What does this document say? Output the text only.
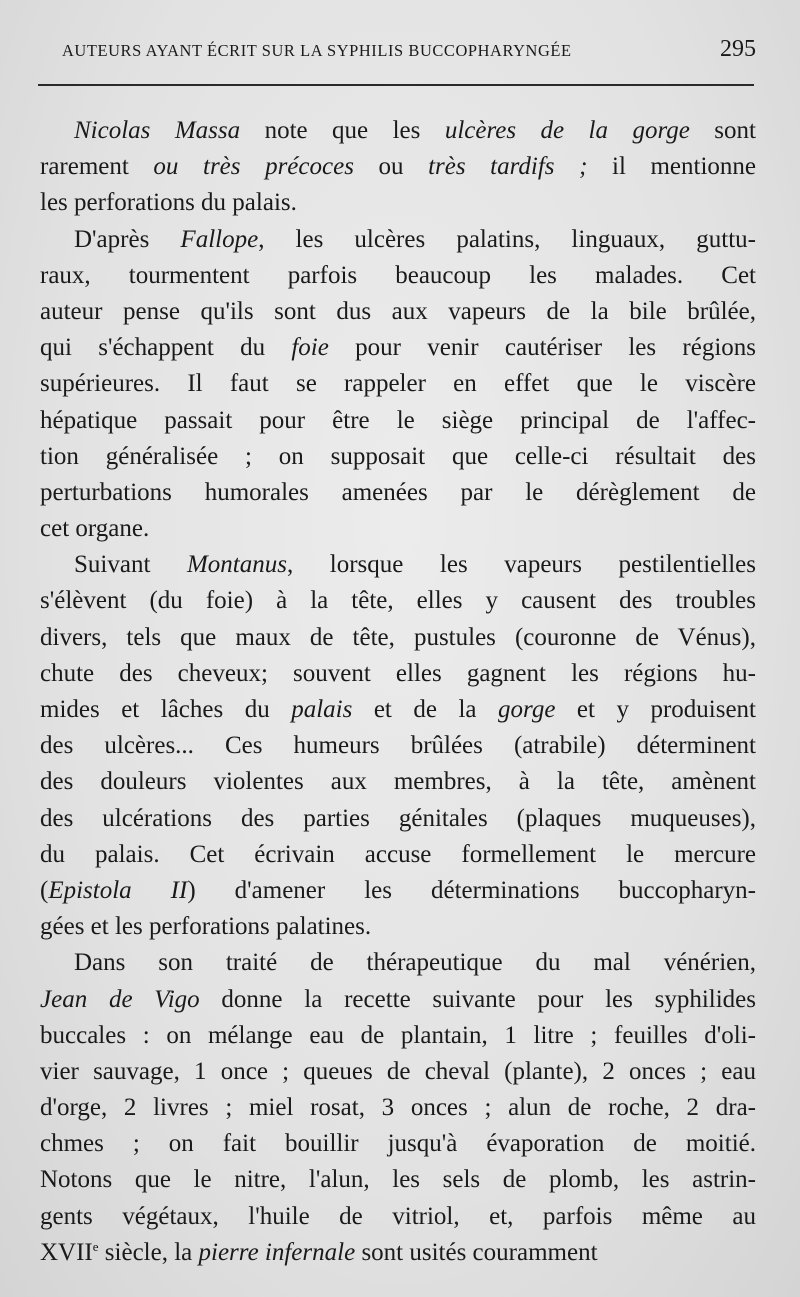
AUTEURS AYANT ÉCRIT SUR LA SYPHILIS BUCCOPHARYNGÉE	295
Nicolas Massa note que les ulcères de la gorge sont
rarement ou très précoces ou très tardifs ; il mentionne
les perforations du palais.
D'après Fallope, les ulcères palatins, linguaux, guttu-
raux, tourmentent parfois beaucoup les malades. Cet
auteur pense qu'ils sont dus aux vapeurs de la bile brûlée,
qui s'échappent du foie pour venir cautériser les régions
supérieures. Il faut se rappeler en effet que le viscère
hépatique passait pour être le siège principal de l'affec-
tion généralisée ; on supposait que celle-ci résultait des
perturbations humorales amenées par le dérèglement de
cet organe.
Suivant Montanus, lorsque les vapeurs pestilentielles
s'élèvent (du foie) à la tête, elles y causent des troubles
divers, tels que maux de tête, pustules (couronne de Vénus),
chute des cheveux; souvent elles gagnent les régions hu-
mides et lâches du palais et de la gorge et y produisent
des ulcères... Ces humeurs brûlées (atrabile) déterminent
des douleurs violentes aux membres, à la tête, amènent
des ulcérations des parties génitales (plaques muqueuses),
du palais. Cet écrivain accuse formellement le mercure
(Epistola II) d'amener les déterminations buccopharyn-
gées et les perforations palatines.
Dans son traité de thérapeutique du mal vénérien,
Jean de Vigo donne la recette suivante pour les syphilides
buccales : on mélange eau de plantain, 1 litre ; feuilles d'oli-
vier sauvage, 1 once ; queues de cheval (plante), 2 onces ; eau
d'orge, 2 livres ; miel rosat, 3 onces ; alun de roche, 2 dra-
chmes ; on fait bouillir jusqu'à évaporation de moitié.
Notons que le nitre, l'alun, les sels de plomb, les astrin-
gents végétaux, l'huile de vitriol, et, parfois même au
XVIIe siècle, la pierre infernale sont usités couramment
